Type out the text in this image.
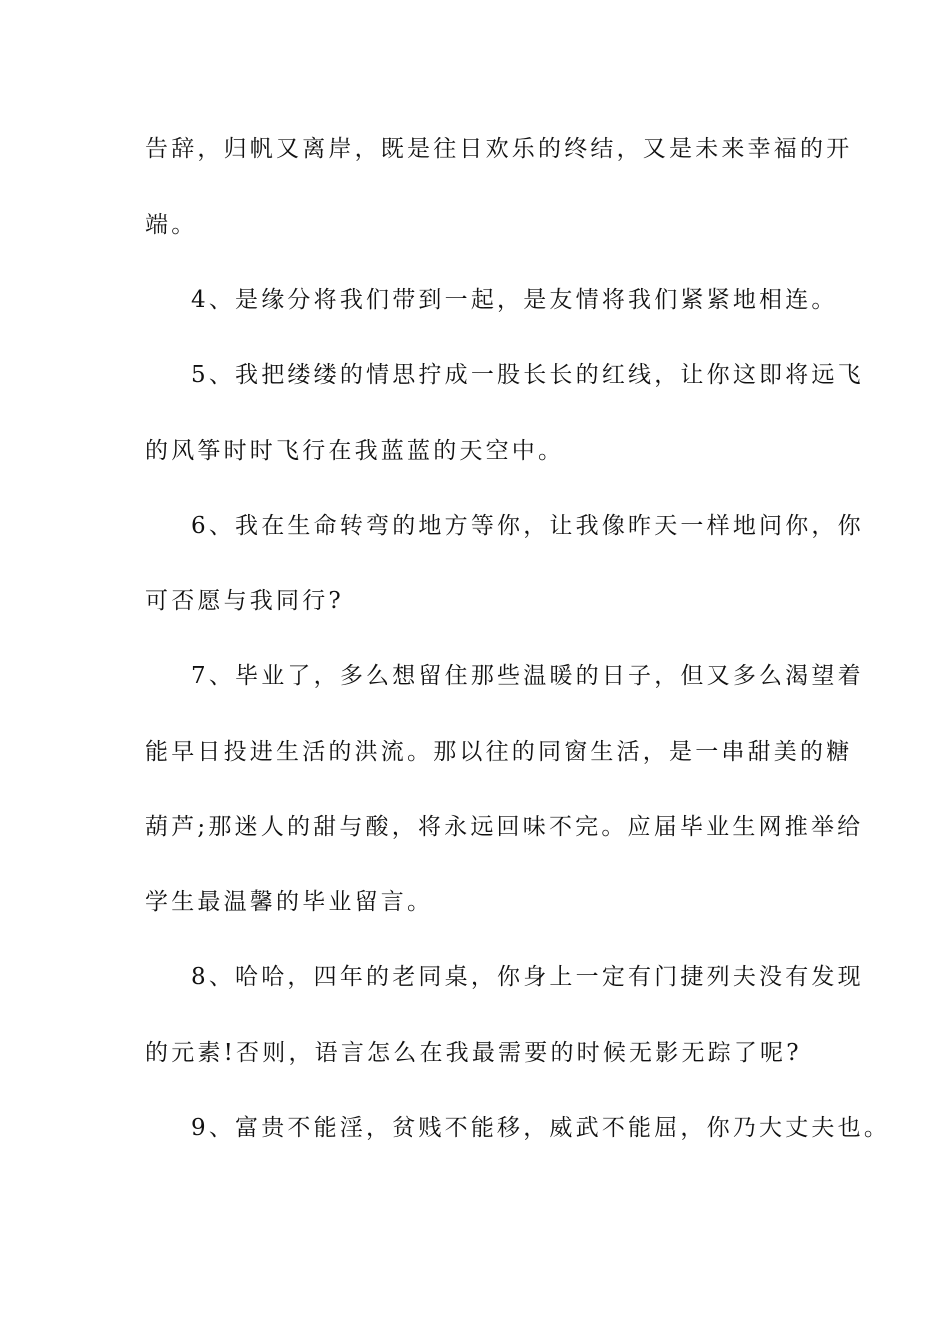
告辞，归帆又离岸，既是往日欢乐的终结，又是未来幸福的开
端。
4、是缘分将我们带到一起，是友情将我们紧紧地相连。
5、我把缕缕的情思拧成一股长长的红线，让你这即将远飞
的风筝时时飞行在我蓝蓝的天空中。
6、我在生命转弯的地方等你，让我像昨天一样地问你，你
可否愿与我同行?
7、毕业了，多么想留住那些温暖的日子，但又多么渴望着
能早日投进生活的洪流。那以往的同窗生活，是一串甜美的糖
葫芦;那迷人的甜与酸，将永远回味不完。应届毕业生网推举给
学生最温馨的毕业留言。
8、哈哈，四年的老同桌，你身上一定有门捷列夫没有发现
的元素!否则，语言怎么在我最需要的时候无影无踪了呢?
9、富贵不能淫，贫贱不能移，威武不能屈，你乃大丈夫也。
